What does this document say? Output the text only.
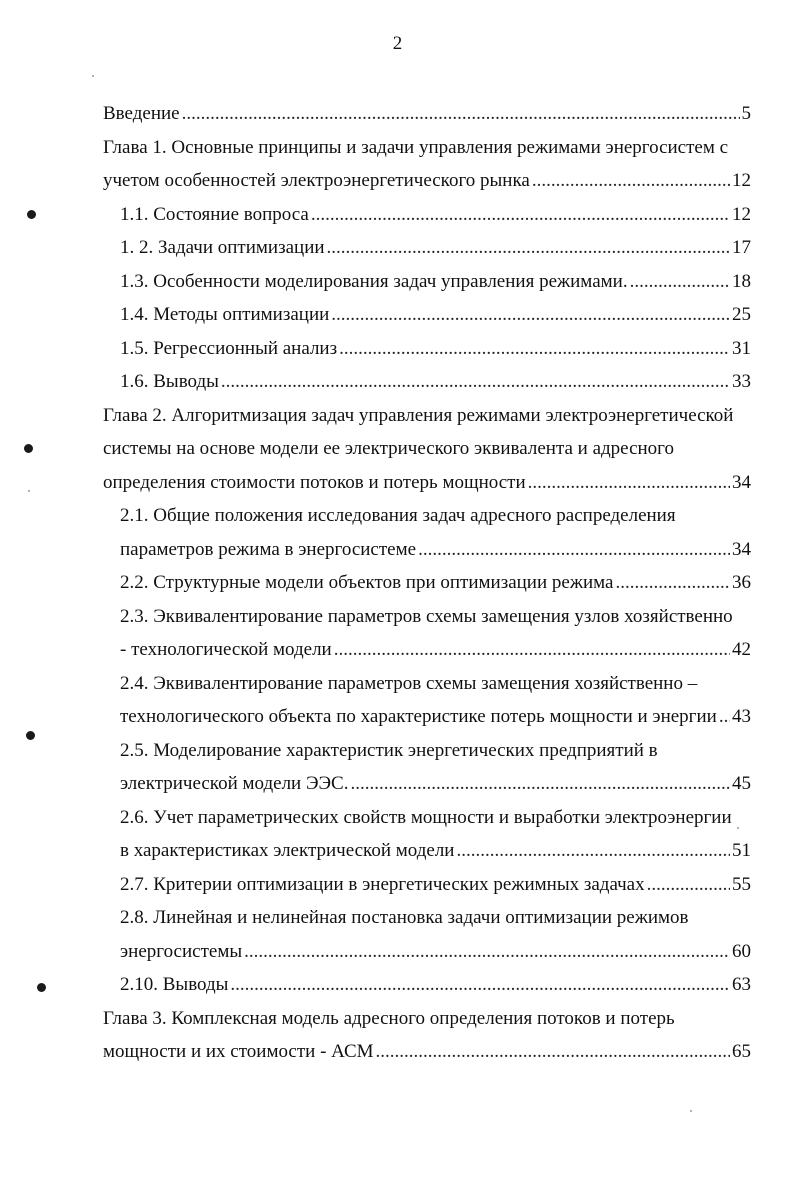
2
Введение .....	5
Глава 1. Основные принципы и задачи управления режимами энергосистем с
учетом особенностей электроэнергетического рынка .....	12
1.1. Состояние вопроса .....	12
1. 2. Задачи оптимизации .....	17
1.3. Особенности моделирования задач управления режимами. .....	18
1.4. Методы оптимизации .....	25
1.5. Регрессионный анализ .....	31
1.6. Выводы .....	33
Глава 2. Алгоритмизация задач управления режимами электроэнергетической
системы на основе модели ее электрического эквивалента и адресного
определения стоимости потоков и потерь мощности .....	34
2.1. Общие положения исследования задач адресного распределения
параметров режима в энергосистеме .....	34
2.2. Структурные модели объектов при оптимизации режима .....	36
2.3. Эквивалентирование параметров схемы замещения узлов хозяйственно
- технологической модели .....	42
2.4. Эквивалентирование параметров схемы замещения хозяйственно –
технологического объекта по характеристике потерь мощности и энергии ..... 43
2.5. Моделирование характеристик энергетических предприятий в
электрической модели ЭЭС. .....	45
2.6. Учет параметрических свойств мощности и выработки электроэнергии
в характеристиках электрической модели .....	51
2.7. Критерии оптимизации в энергетических режимных задачах .....	55
2.8. Линейная и нелинейная постановка задачи оптимизации режимов
энергосистемы .....	60
2.10. Выводы .....	63
Глава 3. Комплексная модель адресного определения потоков и потерь
мощности и их стоимости - АСМ .....	65
